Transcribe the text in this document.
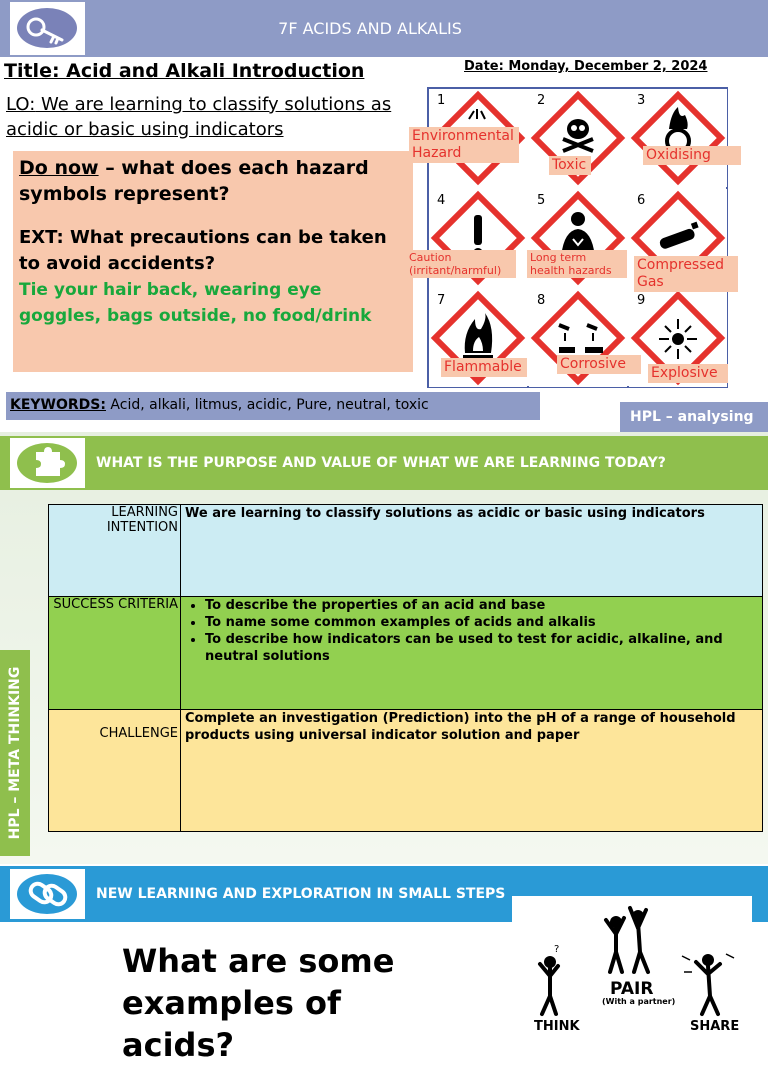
7F ACIDS AND ALKALIS
Title: Acid and Alkali Introduction	Date: Monday, December 2, 2024
LO: We are learning to classify solutions as acidic or basic using indicators
Do now – what does each hazard symbols represent?
EXT: What precautions can be taken to avoid accidents?
Tie your hair back, wearing eye goggles, bags outside, no food/drink
1	2	3
4	5	6
7	8	9
Environmental Hazard
Toxic
Oxidising
Caution (irritant/harmful)
Long term health hazards	Compressed Gas
Flammable	Corrosive
Explosive
KEYWORDS: Acid, alkali, litmus, acidic, Pure, neutral, toxic
HPL – analysing
WHAT IS THE PURPOSE AND VALUE OF WHAT WE ARE LEARNING TODAY?
LEARNING INTENTION
We are learning to classify solutions as acidic or basic using indicators
SUCCESS CRITERIA
• To describe the properties of an acid and base
• To name some common examples of acids and alkalis
• To describe how indicators can be used to test for acidic, alkaline, and neutral solutions
CHALLENGE
Complete an investigation (Prediction) into the pH of a range of household products using universal indicator solution and paper
HPL – META THINKING
NEW LEARNING AND EXPLORATION IN SMALL STEPS
?
PAIR
(With a partner)
THINK	SHARE
What are some examples of acids?
